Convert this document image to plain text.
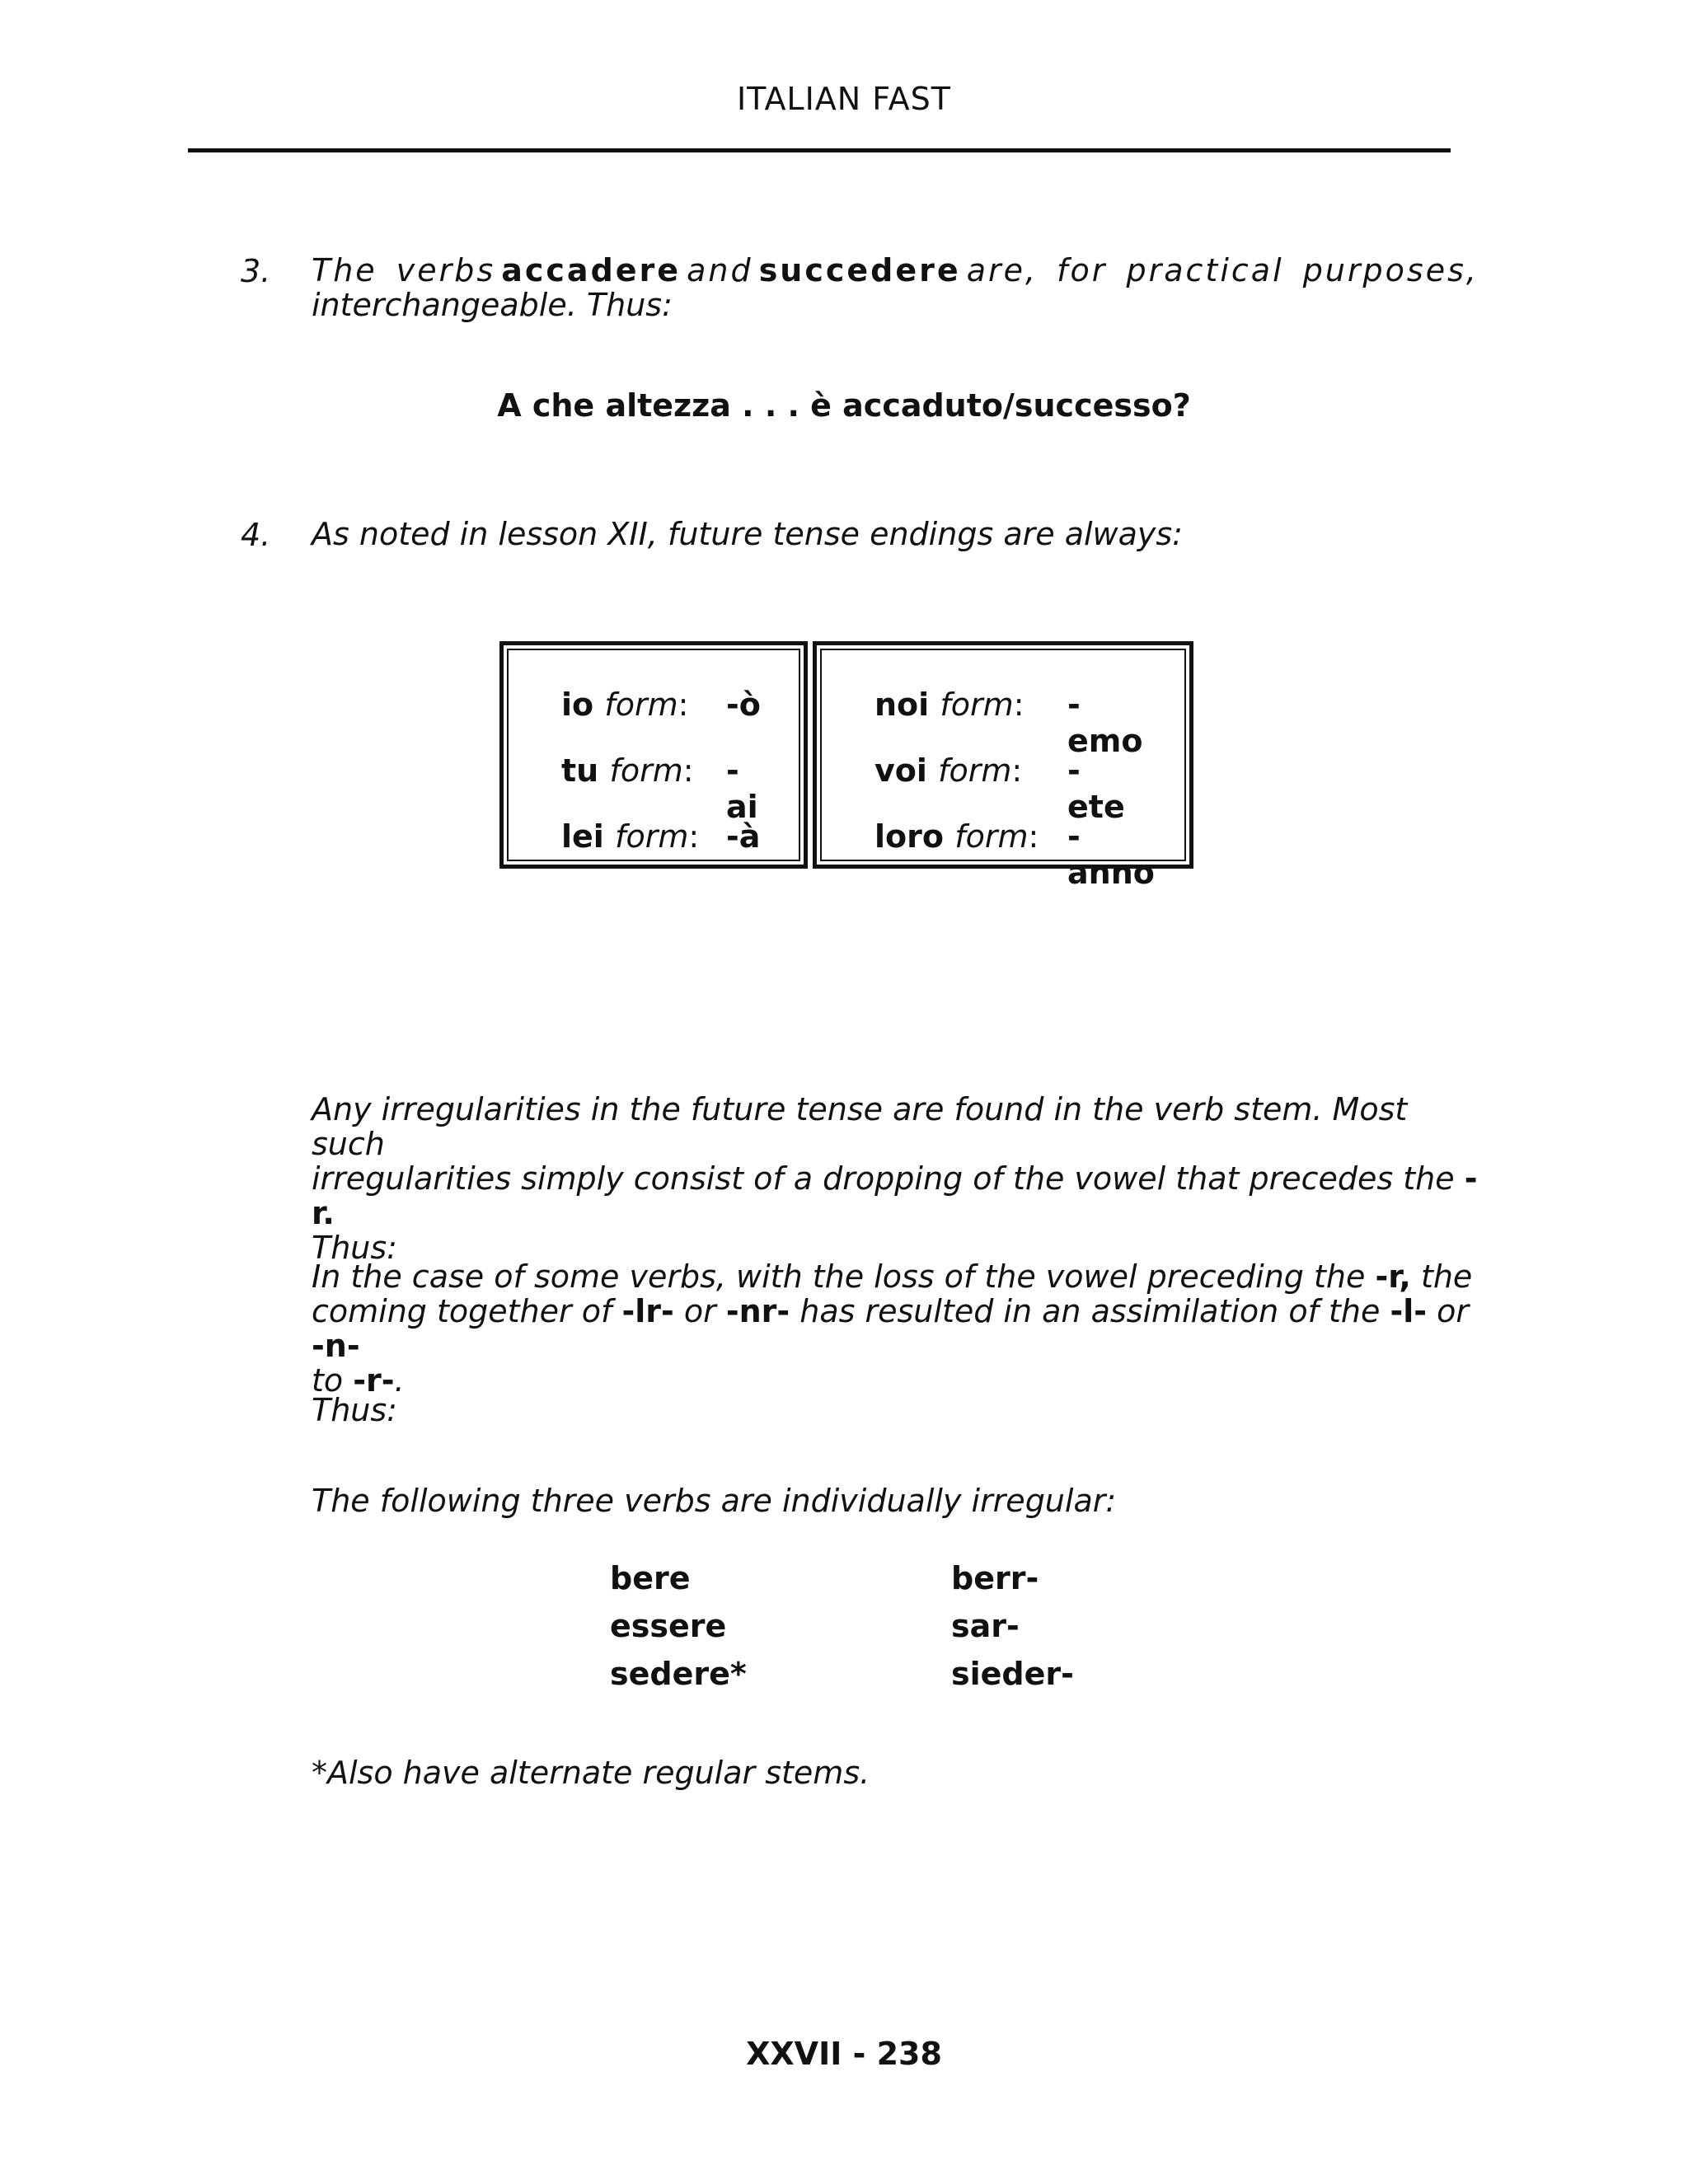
ITALIAN FAST
3. The verbs accadere and succedere are, for practical purposes,
interchangeable. Thus:
A che altezza . . . è accaduto/successo?
4. As noted in lesson XII, future tense endings are always:
io form: -ò
tu form: -ai
lei form: -à
noi form: -emo
voi form: -ete
loro form: -anno
Any irregularities in the future tense are found in the verb stem. Most such
irregularities simply consist of a dropping of the vowel that precedes the -r.
Thus:
In the case of some verbs, with the loss of the vowel preceding the -r, the
coming together of -lr- or -nr- has resulted in an assimilation of the -l- or -n-
to -r-.
Thus:
The following three verbs are individually irregular:
bere	berr-
essere	sar-
sedere*	sieder-
*Also have alternate regular stems.
XXVII - 238
